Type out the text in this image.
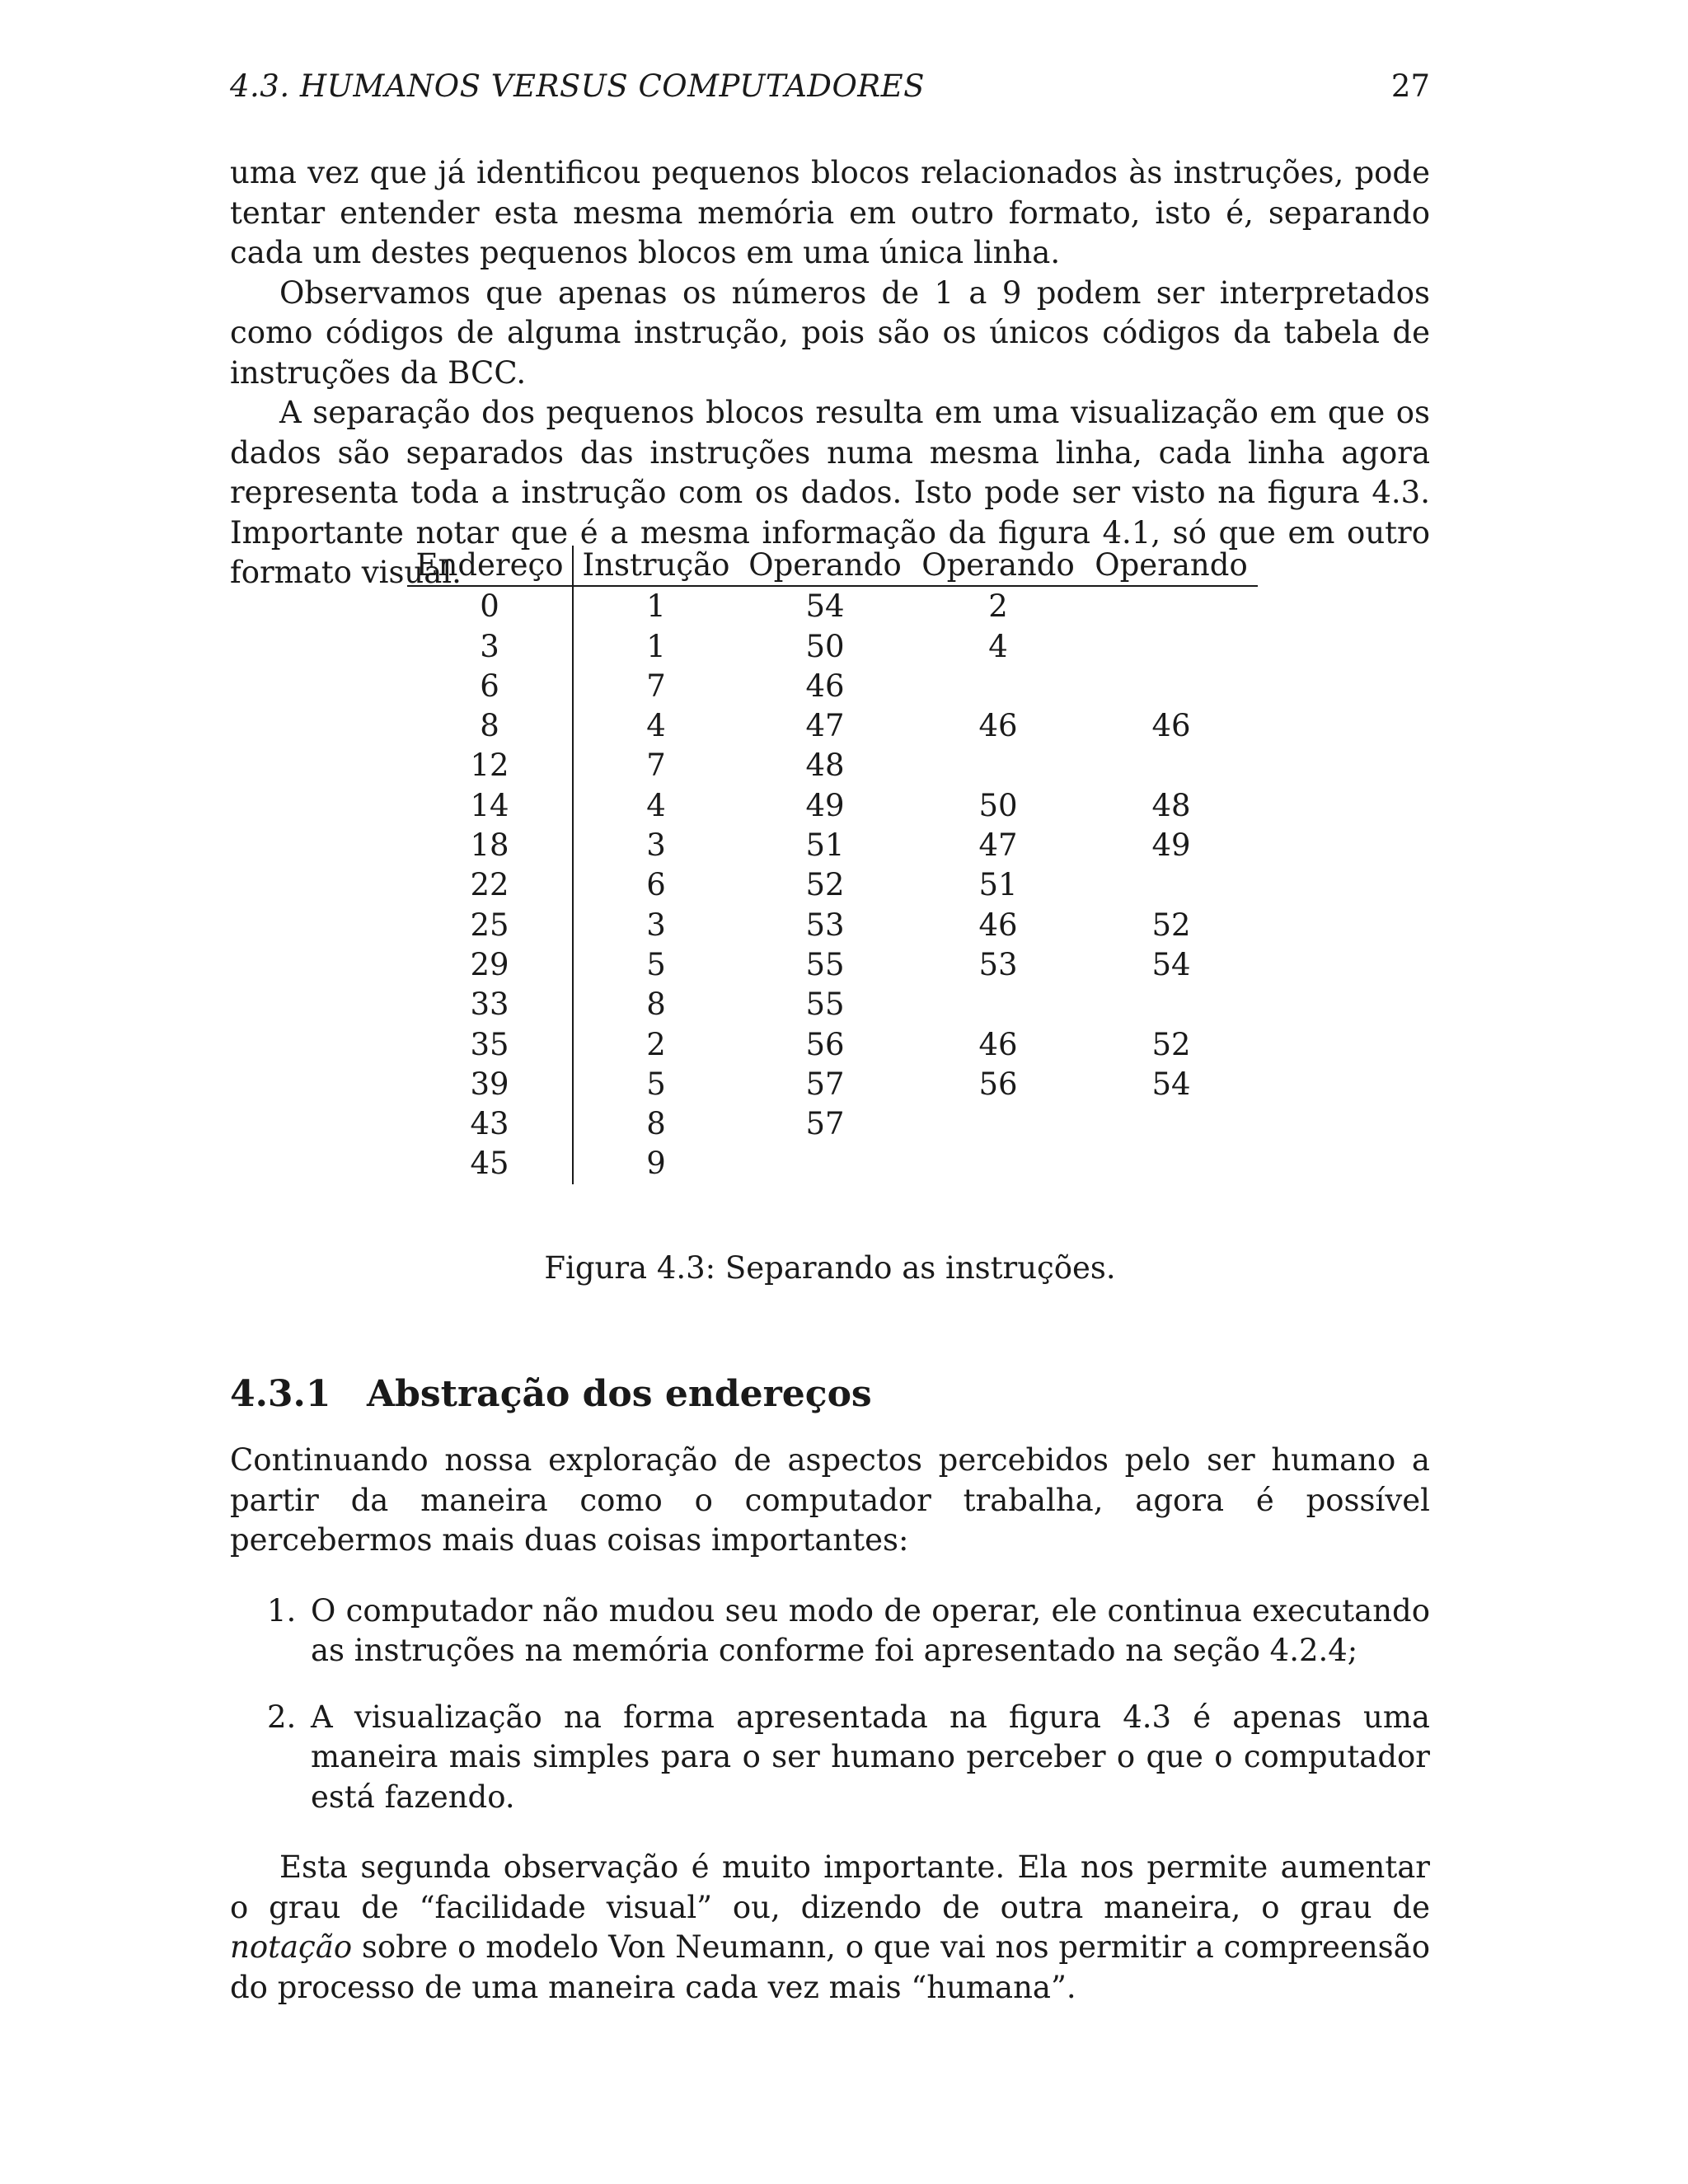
4.3. HUMANOS VERSUS COMPUTADORES	27

uma vez que já identificou pequenos blocos relacionados às instruções, pode tentar entender esta mesma memória em outro formato, isto é, separando cada um destes pequenos blocos em uma única linha.

Observamos que apenas os números de 1 a 9 podem ser interpretados como códigos de alguma instrução, pois são os únicos códigos da tabela de instruções da BCC.

A separação dos pequenos blocos resulta em uma visualização em que os dados são separados das instruções numa mesma linha, cada linha agora representa toda a instrução com os dados. Isto pode ser visto na figura 4.3. Importante notar que é a mesma informação da figura 4.1, só que em outro formato visual.

Endereço	Instrução	Operando	Operando	Operando
0	1	54	2	
3	1	50	4	
6	7	46		
8	4	47	46	46
12	7	48		
14	4	49	50	48
18	3	51	47	49
22	6	52	51	
25	3	53	46	52
29	5	55	53	54
33	8	55		
35	2	56	46	52
39	5	57	56	54
43	8	57		
45	9			
Figura 4.3: Separando as instruções.
4.3.1 Abstração dos endereços

Continuando nossa exploração de aspectos percebidos pelo ser humano a partir da maneira como o computador trabalha, agora é possível percebermos mais duas coisas importantes:

1. O computador não mudou seu modo de operar, ele continua executando as instruções na memória conforme foi apresentado na seção 4.2.4;
2. A visualização na forma apresentada na figura 4.3 é apenas uma maneira mais simples para o ser humano perceber o que o computador está fazendo.

Esta segunda observação é muito importante. Ela nos permite aumentar o grau de “facilidade visual” ou, dizendo de outra maneira, o grau de notação sobre o modelo Von Neumann, o que vai nos permitir a compreensão do processo de uma maneira cada vez mais “humana”.
